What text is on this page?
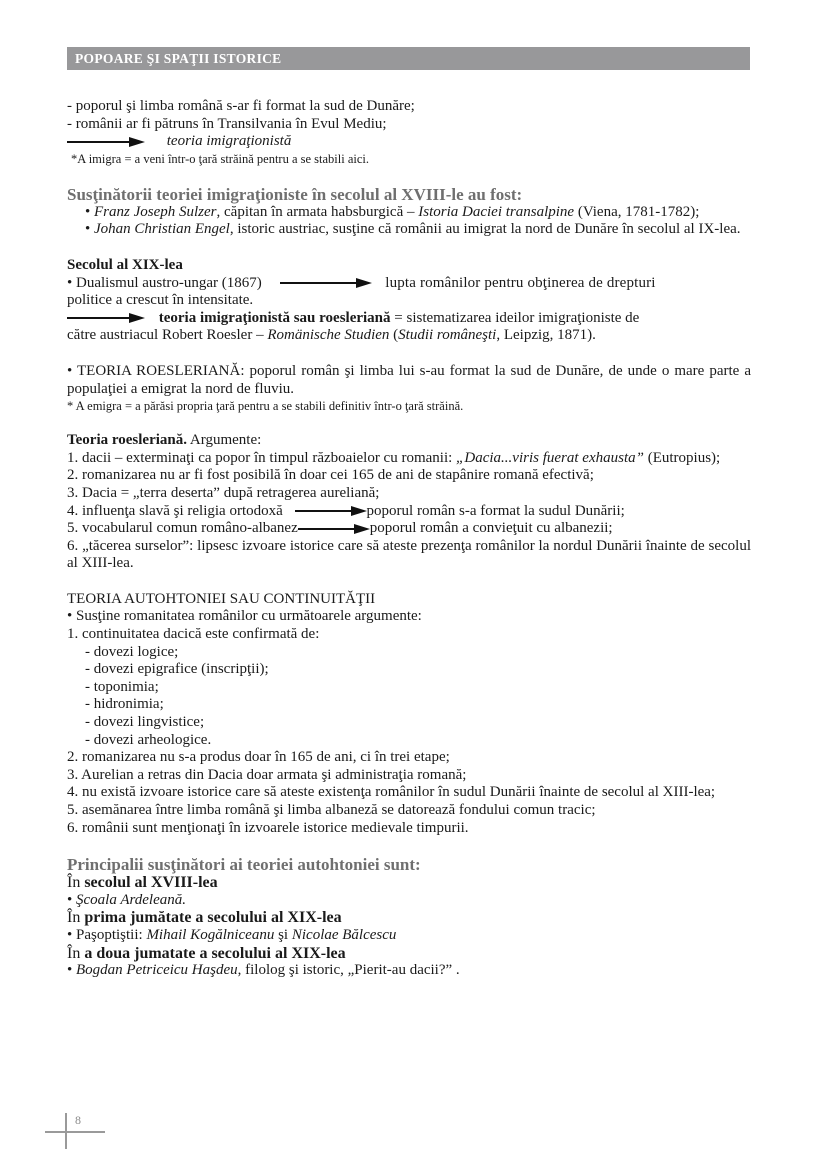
POPOARE ŞI SPAŢII ISTORICE
- poporul şi limba română s-ar fi format la sud de Dunăre;
- românii ar fi pătruns în Transilvania în Evul Mediu;
teoria imigraţionistă
*A imigra = a veni într-o ţară străină pentru a se stabili aici.
Susţinătorii teoriei imigraţioniste în secolul al XVIII-le au fost:
• Franz Joseph Sulzer, căpitan în armata habsburgică – Istoria Daciei transalpine (Viena, 1781-1782);
• Johan Christian Engel, istoric austriac, susţine că românii au imigrat la nord de Dunăre în secolul al IX-lea.
Secolul al XIX-lea
• Dualismul austro-ungar (1867)	lupta românilor pentru obţinerea de drepturi
politice a crescut în intensitate.
teoria imigraţionistă sau roesleriană = sistematizarea ideilor imigraţioniste de
către austriacul Robert Roesler – Romänische Studien (Studii româneşti, Leipzig, 1871).
• TEORIA ROESLERIANĂ: poporul român şi limba lui s-au format la sud de Dunăre, de unde o mare parte a populaţiei a emigrat la nord de fluviu.
* A emigra = a părăsi propria ţară pentru a se stabili definitiv într-o ţară străină.
Teoria roesleriană. Argumente:
1. dacii – exterminaţi ca popor în timpul războaielor cu romanii: „Dacia...viris fuerat exhausta” (Eutropius);
2. romanizarea nu ar fi fost posibilă în doar cei 165 de ani de stapânire romană efectivă;
3. Dacia = „terra deserta” după retragerea aureliană;
4. influenţa slavă şi religia ortodoxă	poporul român s-a format la sudul Dunării;
5. vocabularul comun româno-albanez	poporul român a convieţuit cu albanezii;
6. „tăcerea surselor”: lipsesc izvoare istorice care să ateste prezenţa românilor la nordul Dunării înainte de secolul al XIII-lea.
TEORIA AUTOHTONIEI SAU CONTINUITĂŢII
• Susţine romanitatea românilor cu următoarele argumente:
1. continuitatea dacică este confirmată de:
- dovezi logice;
- dovezi epigrafice (inscripţii);
- toponimia;
- hidronimia;
- dovezi lingvistice;
- dovezi arheologice.
2. romanizarea nu s-a produs doar în 165 de ani, ci în trei etape;
3. Aurelian a retras din Dacia doar armata şi administraţia romană;
4. nu există izvoare istorice care să ateste existenţa românilor în sudul Dunării înainte de secolul al XIII-lea;
5. asemănarea între limba română şi limba albaneză se datorează fondului comun tracic;
6. românii sunt menţionaţi în izvoarele istorice medievale timpurii.
Principalii susţinători ai teoriei autohtoniei sunt:
În secolul al XVIII-lea
• Şcoala Ardeleană.
În prima jumătate a secolului al XIX-lea
• Paşoptiştii: Mihail Kogălniceanu şi Nicolae Bălcescu
În a doua jumatate a secolului al XIX-lea
• Bogdan Petriceicu Haşdeu, filolog şi istoric, „Pierit-au dacii?” .
8
